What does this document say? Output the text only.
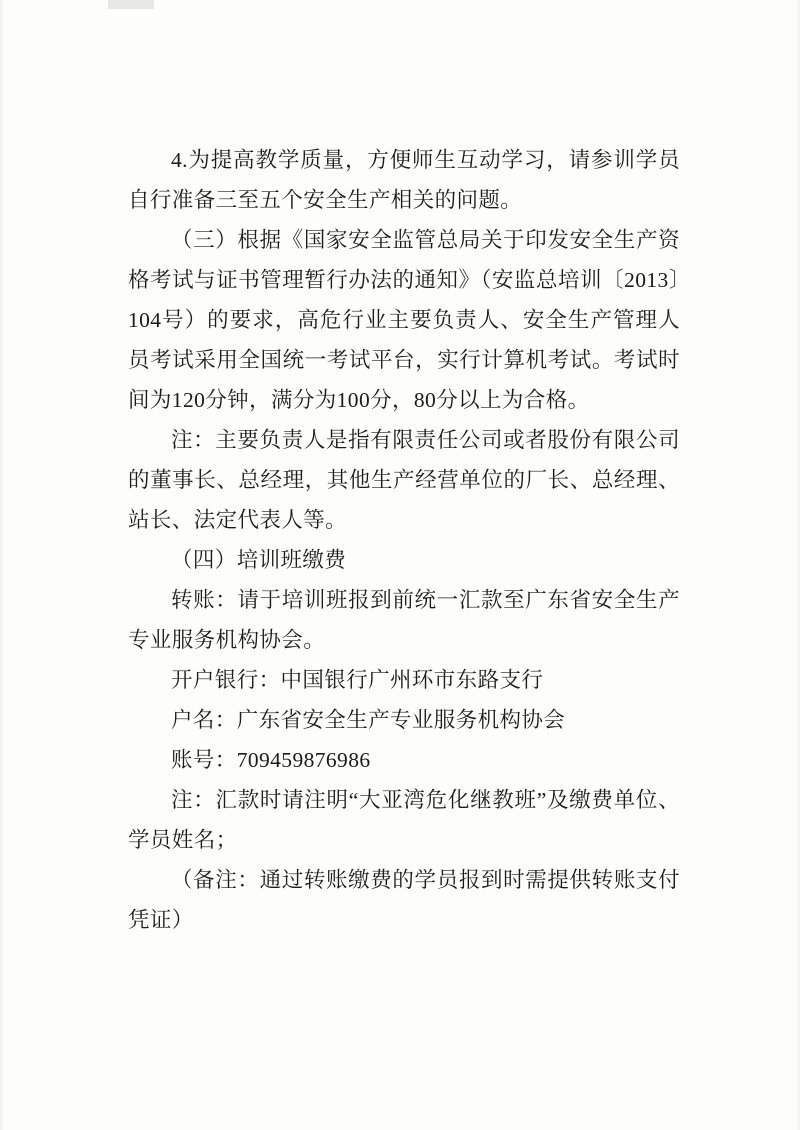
4.为提高教学质量，方便师生互动学习，请参训学员自行准备三至五个安全生产相关的问题。

（三）根据《国家安全监管总局关于印发安全生产资格考试与证书管理暂行办法的通知》（安监总培训〔2013〕104号）的要求，高危行业主要负责人、安全生产管理人员考试采用全国统一考试平台，实行计算机考试。考试时间为120分钟，满分为100分，80分以上为合格。

注：主要负责人是指有限责任公司或者股份有限公司的董事长、总经理，其他生产经营单位的厂长、总经理、站长、法定代表人等。

（四）培训班缴费

转账：请于培训班报到前统一汇款至广东省安全生产专业服务机构协会。

开户银行：中国银行广州环市东路支行

户名：广东省安全生产专业服务机构协会

账号：709459876986

注：汇款时请注明“大亚湾危化继教班”及缴费单位、学员姓名；

（备注：通过转账缴费的学员报到时需提供转账支付凭证）
